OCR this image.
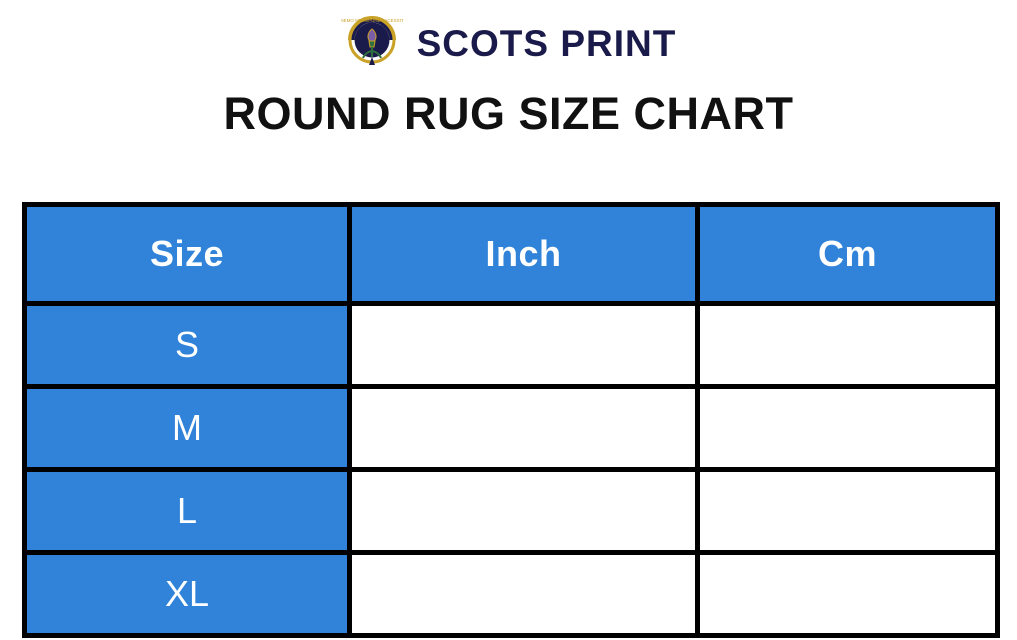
NEMO ME IMPUNE LACESSIT
SCOTS PRINT
ROUND RUG SIZE CHART
Size	Inch	Cm
S	24	60
M	31	80
L	39	100
XL	47	120
